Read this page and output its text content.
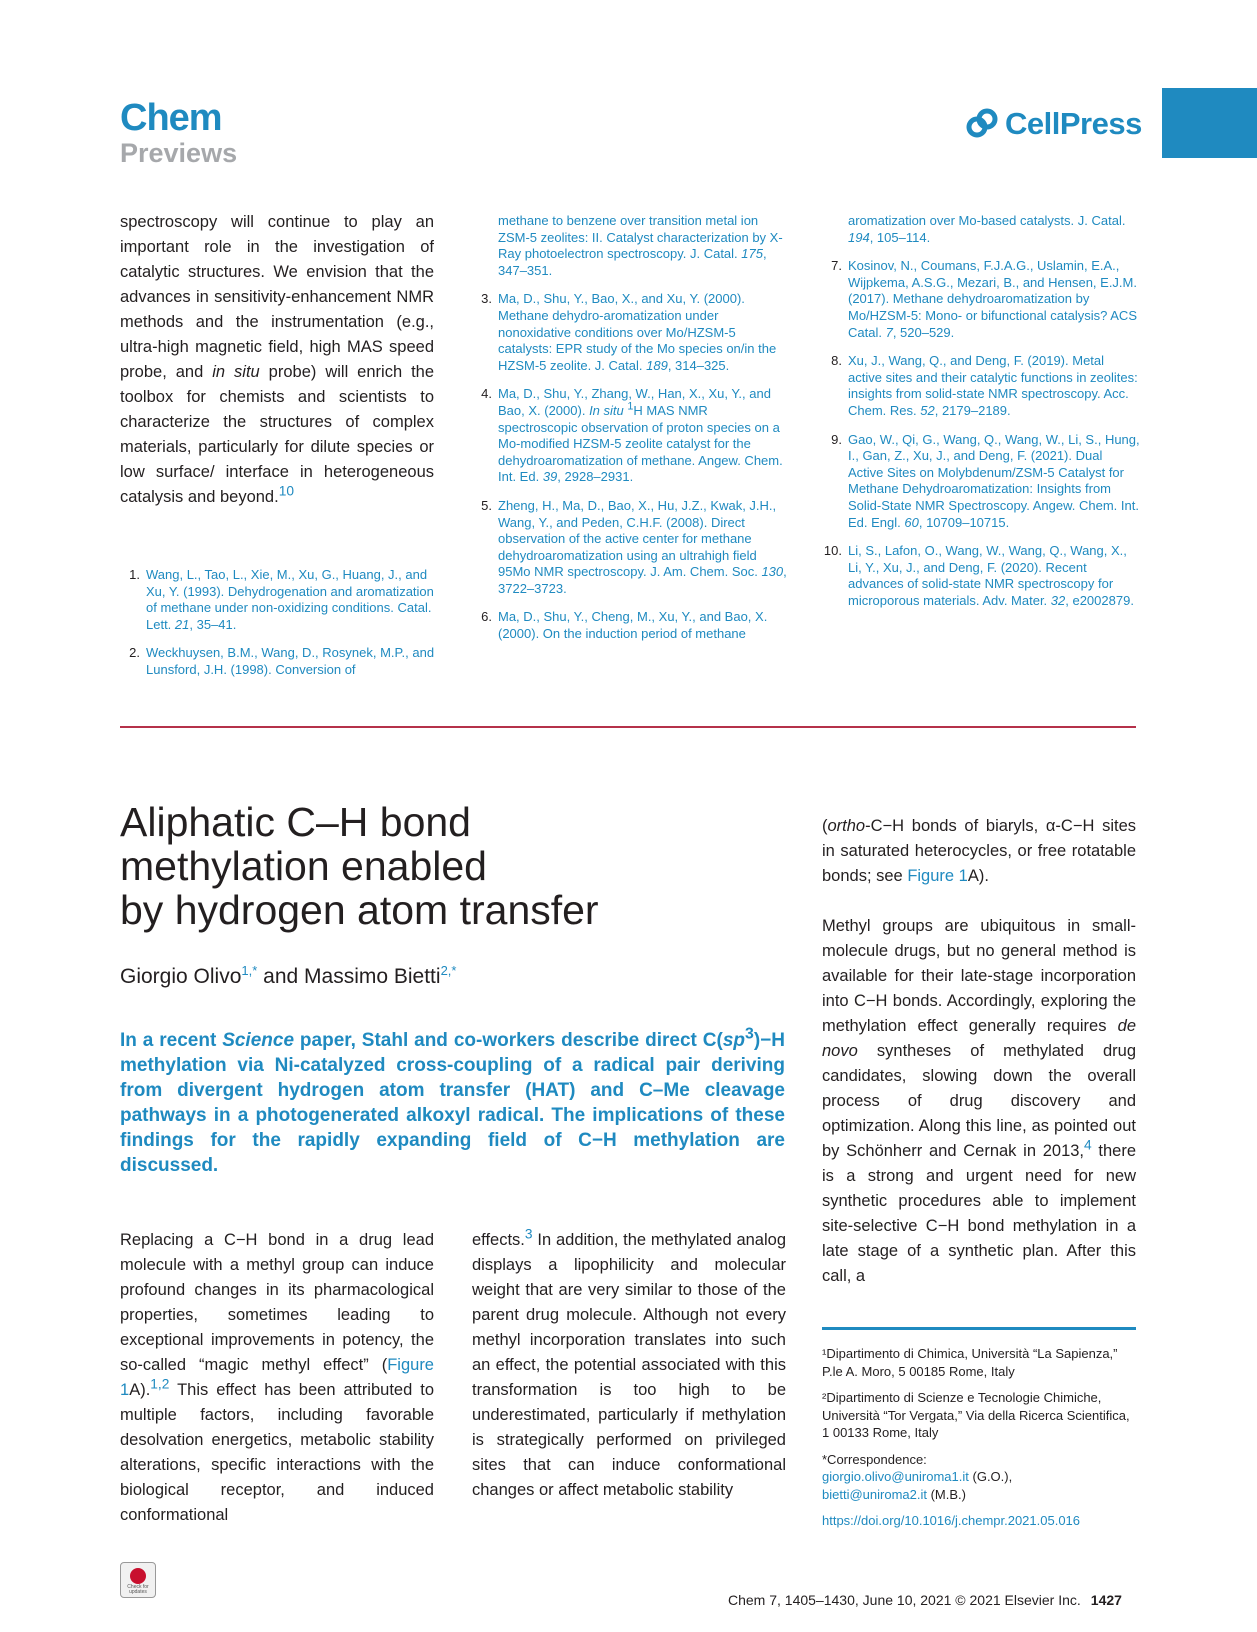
Chem
Previews
CellPress
spectroscopy will continue to play an important role in the investigation of catalytic structures. We envision that the advances in sensitivity-enhancement NMR methods and the instrumentation (e.g., ultra-high magnetic field, high MAS speed probe, and in situ probe) will enrich the toolbox for chemists and scientists to characterize the structures of complex materials, particularly for dilute species or low surface/ interface in heterogeneous catalysis and beyond.$^{10}$
1. Wang, L., Tao, L., Xie, M., Xu, G., Huang, J., and Xu, Y. (1993). Dehydrogenation and aromatization of methane under non-oxidizing conditions. Catal. Lett. 21, 35–41.
2. Weckhuysen, B.M., Wang, D., Rosynek, M.P., and Lunsford, J.H. (1998). Conversion of
methane to benzene over transition metal ion ZSM-5 zeolites: II. Catalyst characterization by X-Ray photoelectron spectroscopy. J. Catal. 175, 347–351.
3. Ma, D., Shu, Y., Bao, X., and Xu, Y. (2000). Methane dehydro-aromatization under nonoxidative conditions over Mo/HZSM-5 catalysts: EPR study of the Mo species on/in the HZSM-5 zeolite. J. Catal. 189, 314–325.
4. Ma, D., Shu, Y., Zhang, W., Han, X., Xu, Y., and Bao, X. (2000). In situ $^1$H MAS NMR spectroscopic observation of proton species on a Mo-modified HZSM-5 zeolite catalyst for the dehydroaromatization of methane. Angew. Chem. Int. Ed. 39, 2928–2931.
5. Zheng, H., Ma, D., Bao, X., Hu, J.Z., Kwak, J.H., Wang, Y., and Peden, C.H.F. (2008). Direct observation of the active center for methane dehydroaromatization using an ultrahigh field 95Mo NMR spectroscopy. J. Am. Chem. Soc. 130, 3722–3723.
6. Ma, D., Shu, Y., Cheng, M., Xu, Y., and Bao, X. (2000). On the induction period of methane
aromatization over Mo-based catalysts. J. Catal. 194, 105–114.
7. Kosinov, N., Coumans, F.J.A.G., Uslamin, E.A., Wijpkema, A.S.G., Mezari, B., and Hensen, E.J.M. (2017). Methane dehydroaromatization by Mo/HZSM-5: Mono- or bifunctional catalysis? ACS Catal. 7, 520–529.
8. Xu, J., Wang, Q., and Deng, F. (2019). Metal active sites and their catalytic functions in zeolites: insights from solid-state NMR spectroscopy. Acc. Chem. Res. 52, 2179–2189.
9. Gao, W., Qi, G., Wang, Q., Wang, W., Li, S., Hung, I., Gan, Z., Xu, J., and Deng, F. (2021). Dual Active Sites on Molybdenum/ZSM-5 Catalyst for Methane Dehydroaromatization: Insights from Solid-State NMR Spectroscopy. Angew. Chem. Int. Ed. Engl. 60, 10709–10715.
10. Li, S., Lafon, O., Wang, W., Wang, Q., Wang, X., Li, Y., Xu, J., and Deng, F. (2020). Recent advances of solid-state NMR spectroscopy for microporous materials. Adv. Mater. 32, e2002879.
Aliphatic C–H bond
methylation enabled
by hydrogen atom transfer
Giorgio Olivo$^{1,*}$ and Massimo Bietti$^{2,*}$
In a recent Science paper, Stahl and co-workers describe direct $C(sp^3)-H$ methylation via Ni-catalyzed cross-coupling of a radical pair deriving from divergent hydrogen atom transfer (HAT) and C–Me cleavage pathways in a photogenerated alkoxyl radical. The implications of these findings for the rapidly expanding field of C−H methylation are discussed.
Replacing a C−H bond in a drug lead molecule with a methyl group can induce profound changes in its pharmacological properties, sometimes leading to exceptional improvements in potency, the so-called “magic methyl effect” (Figure 1A).$^{1,2}$ This effect has been attributed to multiple factors, including favorable desolvation energetics, metabolic stability alterations, specific interactions with the biological receptor, and induced conformational
effects.$^3$ In addition, the methylated analog displays a lipophilicity and molecular weight that are very similar to those of the parent drug molecule. Although not every methyl incorporation translates into such an effect, the potential associated with this transformation is too high to be underestimated, particularly if methylation is strategically performed on privileged sites that can induce conformational changes or affect metabolic stability
(ortho-C−H bonds of biaryls, α-C−H sites in saturated heterocycles, or free rotatable bonds; see Figure 1A).
Methyl groups are ubiquitous in small-molecule drugs, but no general method is available for their late-stage incorporation into C−H bonds. Accordingly, exploring the methylation effect generally requires de novo syntheses of methylated drug candidates, slowing down the overall process of drug discovery and optimization. Along this line, as pointed out by Schönherr and Cernak in 2013,$^4$ there is a strong and urgent need for new synthetic procedures able to implement site-selective C−H bond methylation in a late stage of a synthetic plan. After this call, a

¹Dipartimento di Chimica, Università “La Sapienza,” P.le A. Moro, 5 00185 Rome, Italy

²Dipartimento di Scienze e Tecnologie Chimiche, Università “Tor Vergata,” Via della Ricerca Scientifica, 1 00133 Rome, Italy

*Correspondence:
giorgio.olivo@uniroma1.it (G.O.),
bietti@uniroma2.it (M.B.)
https://doi.org/10.1016/j.chempr.2021.05.016
Check for updates	Chem 7, 1405–1430, June 10, 2021 © 2021 Elsevier Inc. 1427
